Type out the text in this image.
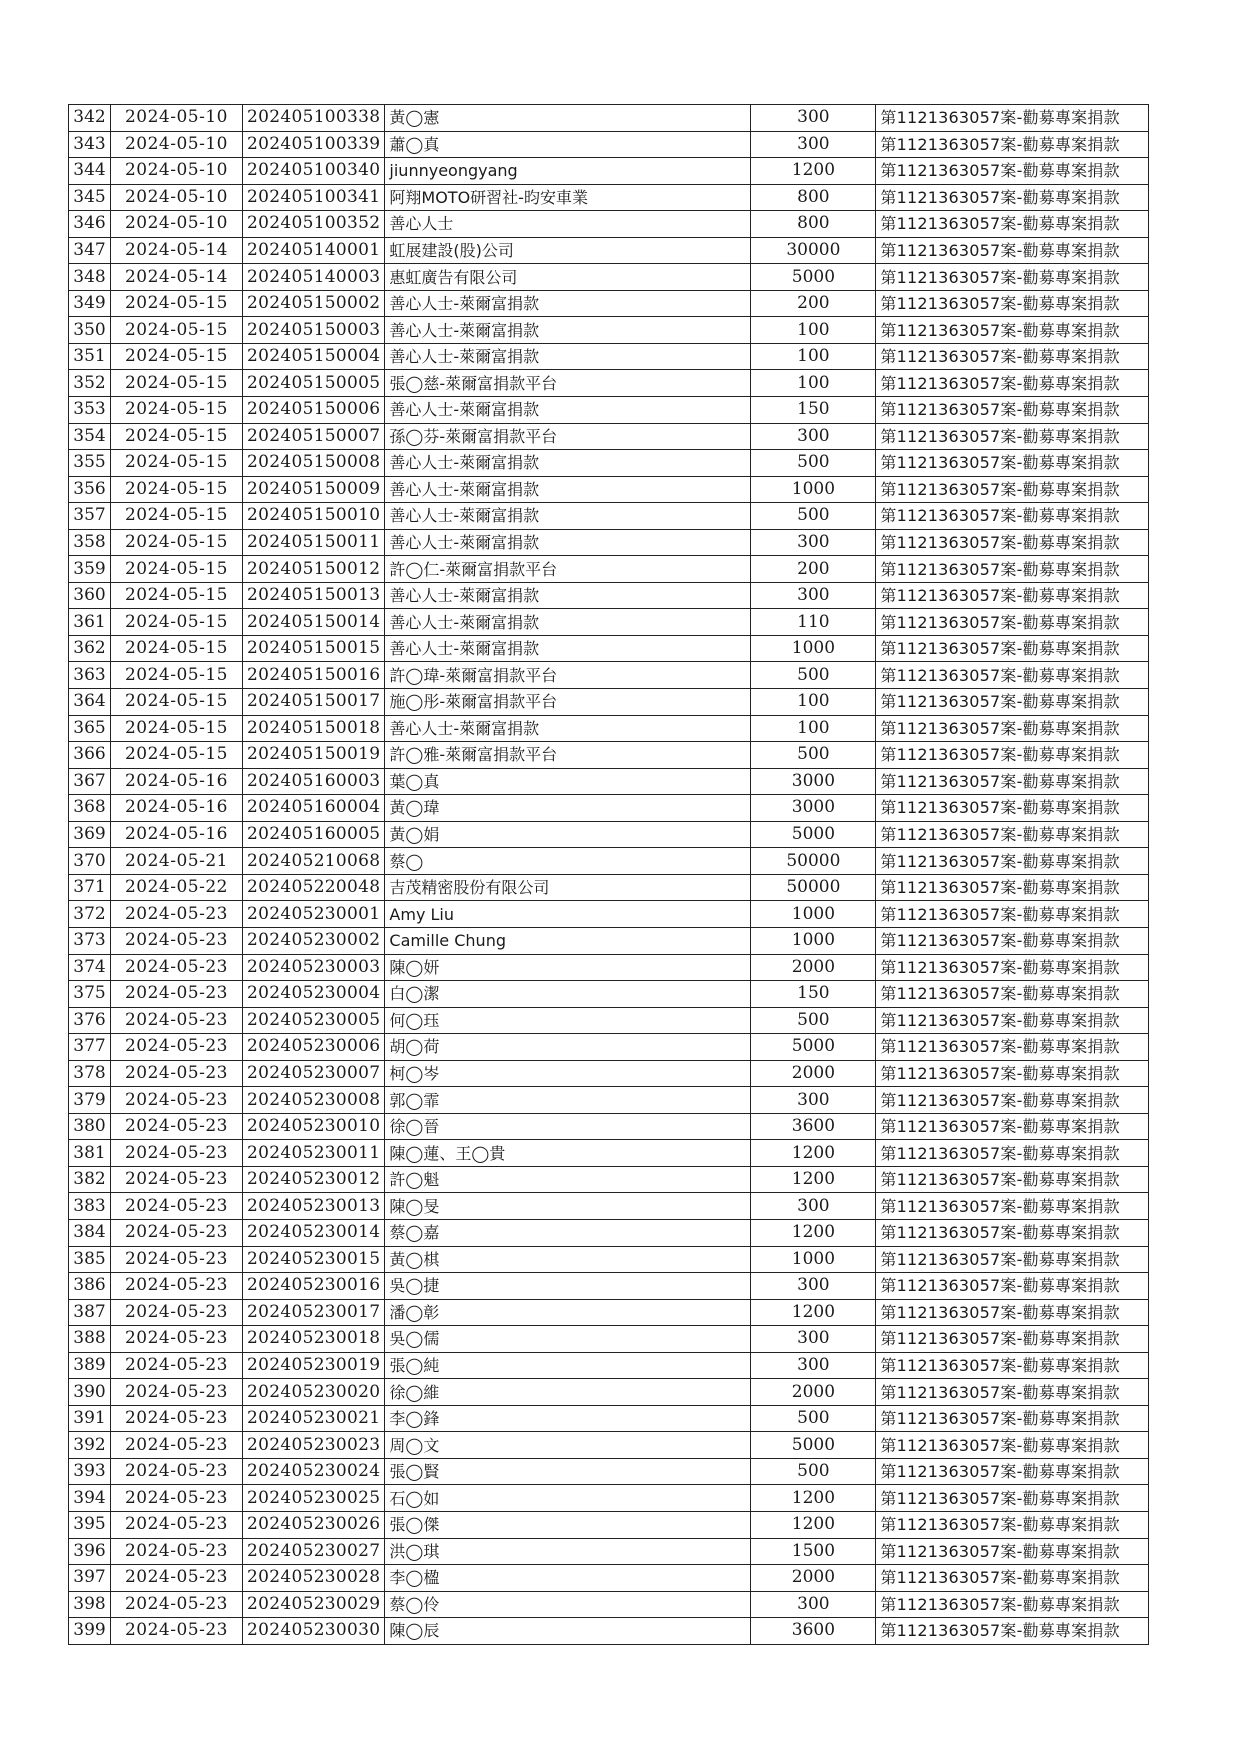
342	2024-05-10	202405100338	黃◯憲	300	第1121363057案-勸募專案捐款
343	2024-05-10	202405100339	蕭◯真	300	第1121363057案-勸募專案捐款
344	2024-05-10	202405100340	jiunnyeongyang	1200	第1121363057案-勸募專案捐款
345	2024-05-10	202405100341	阿翔MOTO研習社-昀安車業	800	第1121363057案-勸募專案捐款
346	2024-05-10	202405100352	善心人士	800	第1121363057案-勸募專案捐款
347	2024-05-14	202405140001	虹展建設(股)公司	30000	第1121363057案-勸募專案捐款
348	2024-05-14	202405140003	惠虹廣告有限公司	5000	第1121363057案-勸募專案捐款
349	2024-05-15	202405150002	善心人士-萊爾富捐款	200	第1121363057案-勸募專案捐款
350	2024-05-15	202405150003	善心人士-萊爾富捐款	100	第1121363057案-勸募專案捐款
351	2024-05-15	202405150004	善心人士-萊爾富捐款	100	第1121363057案-勸募專案捐款
352	2024-05-15	202405150005	張◯慈-萊爾富捐款平台	100	第1121363057案-勸募專案捐款
353	2024-05-15	202405150006	善心人士-萊爾富捐款	150	第1121363057案-勸募專案捐款
354	2024-05-15	202405150007	孫◯芬-萊爾富捐款平台	300	第1121363057案-勸募專案捐款
355	2024-05-15	202405150008	善心人士-萊爾富捐款	500	第1121363057案-勸募專案捐款
356	2024-05-15	202405150009	善心人士-萊爾富捐款	1000	第1121363057案-勸募專案捐款
357	2024-05-15	202405150010	善心人士-萊爾富捐款	500	第1121363057案-勸募專案捐款
358	2024-05-15	202405150011	善心人士-萊爾富捐款	300	第1121363057案-勸募專案捐款
359	2024-05-15	202405150012	許◯仁-萊爾富捐款平台	200	第1121363057案-勸募專案捐款
360	2024-05-15	202405150013	善心人士-萊爾富捐款	300	第1121363057案-勸募專案捐款
361	2024-05-15	202405150014	善心人士-萊爾富捐款	110	第1121363057案-勸募專案捐款
362	2024-05-15	202405150015	善心人士-萊爾富捐款	1000	第1121363057案-勸募專案捐款
363	2024-05-15	202405150016	許◯瑋-萊爾富捐款平台	500	第1121363057案-勸募專案捐款
364	2024-05-15	202405150017	施◯彤-萊爾富捐款平台	100	第1121363057案-勸募專案捐款
365	2024-05-15	202405150018	善心人士-萊爾富捐款	100	第1121363057案-勸募專案捐款
366	2024-05-15	202405150019	許◯雅-萊爾富捐款平台	500	第1121363057案-勸募專案捐款
367	2024-05-16	202405160003	葉◯真	3000	第1121363057案-勸募專案捐款
368	2024-05-16	202405160004	黃◯瑋	3000	第1121363057案-勸募專案捐款
369	2024-05-16	202405160005	黃◯娟	5000	第1121363057案-勸募專案捐款
370	2024-05-21	202405210068	蔡◯	50000	第1121363057案-勸募專案捐款
371	2024-05-22	202405220048	吉茂精密股份有限公司	50000	第1121363057案-勸募專案捐款
372	2024-05-23	202405230001	Amy Liu	1000	第1121363057案-勸募專案捐款
373	2024-05-23	202405230002	Camille Chung	1000	第1121363057案-勸募專案捐款
374	2024-05-23	202405230003	陳◯妍	2000	第1121363057案-勸募專案捐款
375	2024-05-23	202405230004	白◯潔	150	第1121363057案-勸募專案捐款
376	2024-05-23	202405230005	何◯珏	500	第1121363057案-勸募專案捐款
377	2024-05-23	202405230006	胡◯荷	5000	第1121363057案-勸募專案捐款
378	2024-05-23	202405230007	柯◯岑	2000	第1121363057案-勸募專案捐款
379	2024-05-23	202405230008	郭◯霏	300	第1121363057案-勸募專案捐款
380	2024-05-23	202405230010	徐◯晉	3600	第1121363057案-勸募專案捐款
381	2024-05-23	202405230011	陳◯蓮、王◯貴	1200	第1121363057案-勸募專案捐款
382	2024-05-23	202405230012	許◯魁	1200	第1121363057案-勸募專案捐款
383	2024-05-23	202405230013	陳◯旻	300	第1121363057案-勸募專案捐款
384	2024-05-23	202405230014	蔡◯嘉	1200	第1121363057案-勸募專案捐款
385	2024-05-23	202405230015	黃◯棋	1000	第1121363057案-勸募專案捐款
386	2024-05-23	202405230016	吳◯捷	300	第1121363057案-勸募專案捐款
387	2024-05-23	202405230017	潘◯彰	1200	第1121363057案-勸募專案捐款
388	2024-05-23	202405230018	吳◯儒	300	第1121363057案-勸募專案捐款
389	2024-05-23	202405230019	張◯純	300	第1121363057案-勸募專案捐款
390	2024-05-23	202405230020	徐◯維	2000	第1121363057案-勸募專案捐款
391	2024-05-23	202405230021	李◯鋒	500	第1121363057案-勸募專案捐款
392	2024-05-23	202405230023	周◯文	5000	第1121363057案-勸募專案捐款
393	2024-05-23	202405230024	張◯賢	500	第1121363057案-勸募專案捐款
394	2024-05-23	202405230025	石◯如	1200	第1121363057案-勸募專案捐款
395	2024-05-23	202405230026	張◯傑	1200	第1121363057案-勸募專案捐款
396	2024-05-23	202405230027	洪◯琪	1500	第1121363057案-勸募專案捐款
397	2024-05-23	202405230028	李◯楹	2000	第1121363057案-勸募專案捐款
398	2024-05-23	202405230029	蔡◯伶	300	第1121363057案-勸募專案捐款
399	2024-05-23	202405230030	陳◯辰	3600	第1121363057案-勸募專案捐款
